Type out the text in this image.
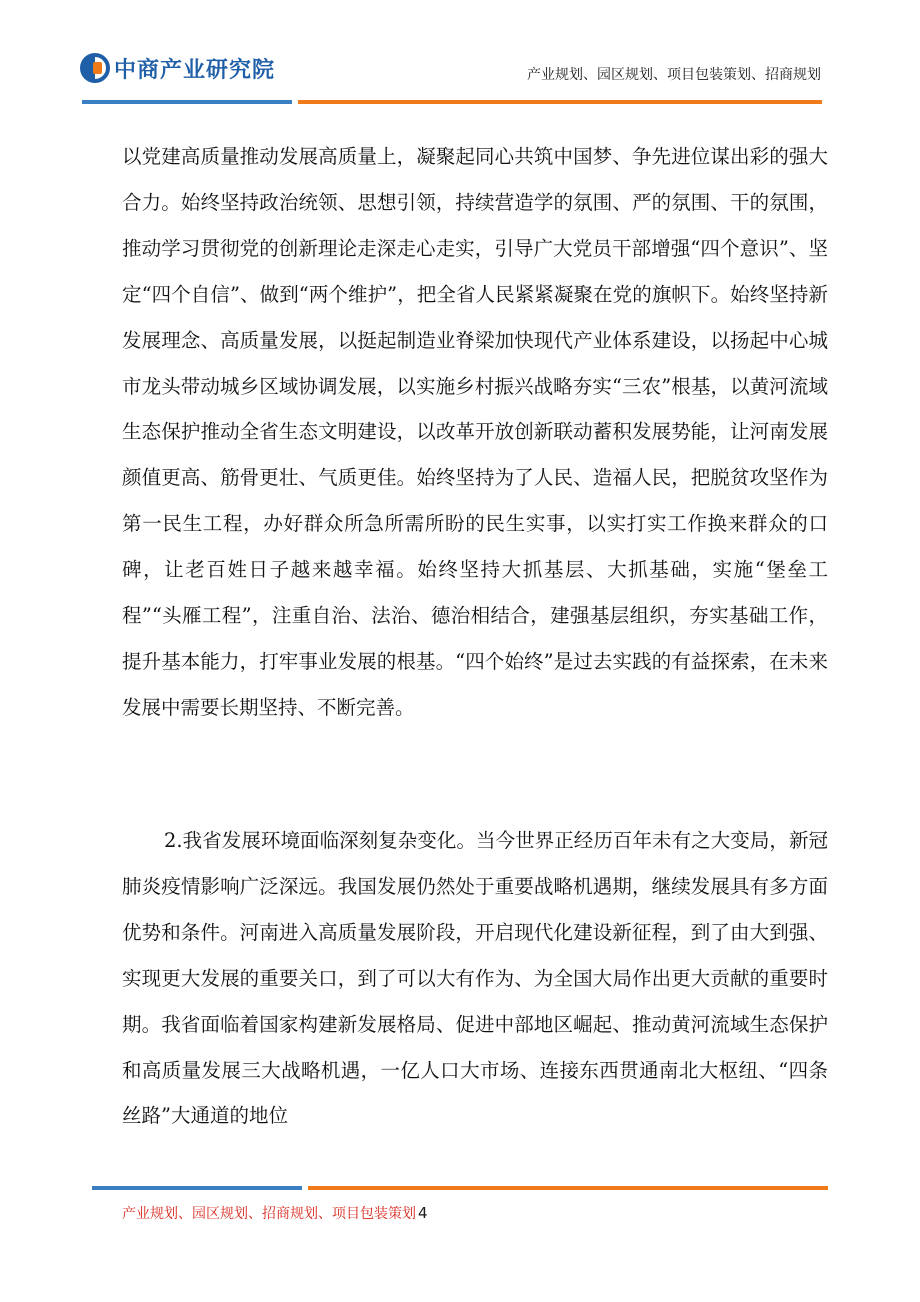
中商产业研究院	产业规划、园区规划、项目包装策划、招商规划

以党建高质量推动发展高质量上，凝聚起同心共筑中国梦、争先进位谋出彩的强大合力。始终坚持政治统领、思想引领，持续营造学的氛围、严的氛围、干的氛围，推动学习贯彻党的创新理论走深走心走实，引导广大党员干部增强“四个意识”、坚定“四个自信”、做到“两个维护”，把全省人民紧紧凝聚在党的旗帜下。始终坚持新发展理念、高质量发展，以挺起制造业脊梁加快现代产业体系建设，以扬起中心城市龙头带动城乡区域协调发展，以实施乡村振兴战略夯实“三农”根基，以黄河流域生态保护推动全省生态文明建设，以改革开放创新联动蓄积发展势能，让河南发展颜值更高、筋骨更壮、气质更佳。始终坚持为了人民、造福人民，把脱贫攻坚作为第一民生工程，办好群众所急所需所盼的民生实事，以实打实工作换来群众的口碑，让老百姓日子越来越幸福。始终坚持大抓基层、大抓基础，实施“堡垒工程”“头雁工程”，注重自治、法治、德治相结合，建强基层组织，夯实基础工作，提升基本能力，打牢事业发展的根基。“四个始终”是过去实践的有益探索，在未来发展中需要长期坚持、不断完善。

2.我省发展环境面临深刻复杂变化。当今世界正经历百年未有之大变局，新冠肺炎疫情影响广泛深远。我国发展仍然处于重要战略机遇期，继续发展具有多方面优势和条件。河南进入高质量发展阶段，开启现代化建设新征程，到了由大到强、实现更大发展的重要关口，到了可以大有作为、为全国大局作出更大贡献的重要时期。我省面临着国家构建新发展格局、促进中部地区崛起、推动黄河流域生态保护和高质量发展三大战略机遇，一亿人口大市场、连接东西贯通南北大枢纽、“四条丝路”大通道的地位

产业规划、园区规划、招商规划、项目包装策划 4
